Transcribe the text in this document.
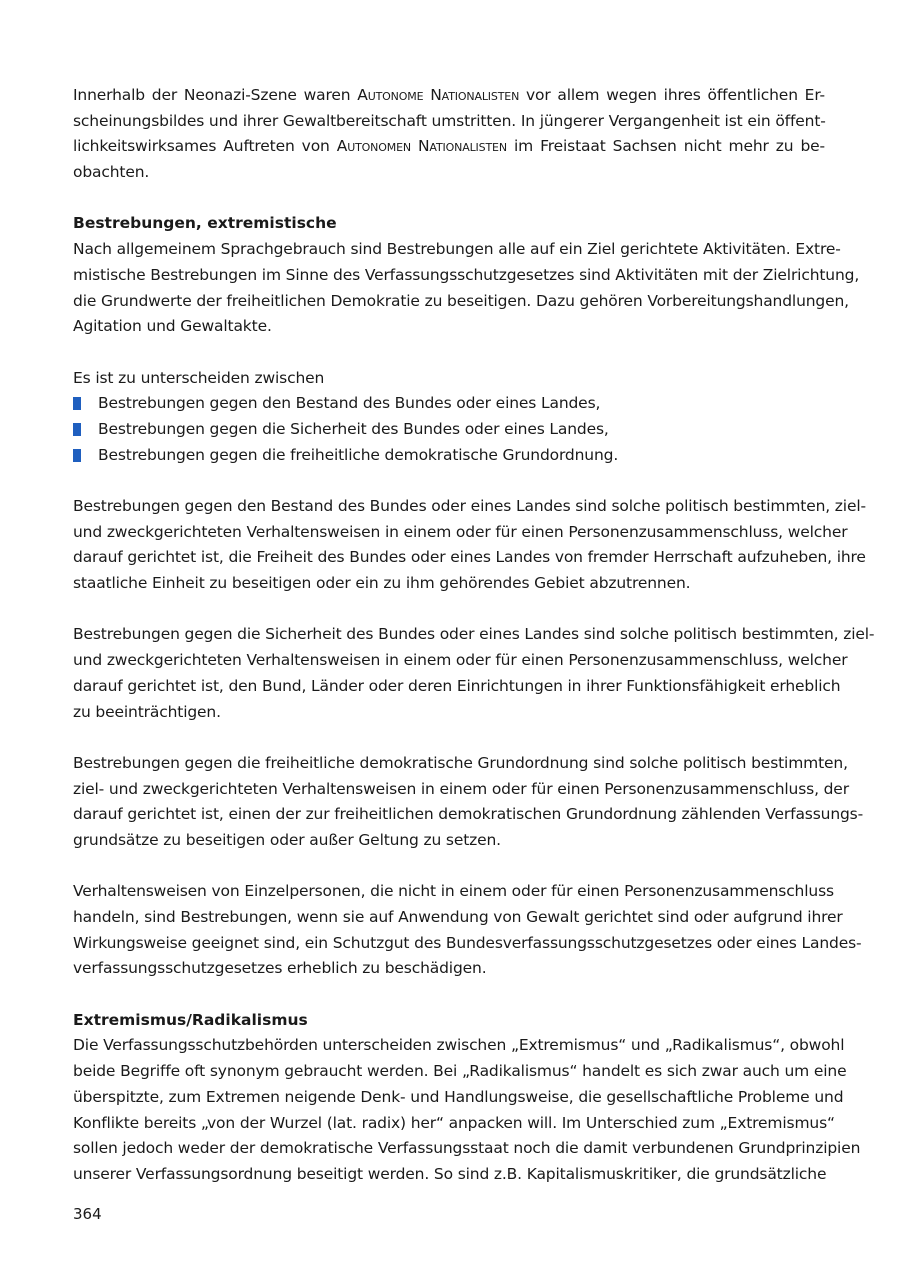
Innerhalb der Neonazi-Szene waren Autonome Nationalisten vor allem wegen ihres öffentlichen Er-
scheinungsbildes und ihrer Gewaltbereitschaft umstritten. In jüngerer Vergangenheit ist ein öffent-
lichkeitswirksames Auftreten von Autonomen Nationalisten im Freistaat Sachsen nicht mehr zu be-
obachten.
Bestrebungen, extremistische
Nach allgemeinem Sprachgebrauch sind Bestrebungen alle auf ein Ziel gerichtete Aktivitäten. Extre-
mistische Bestrebungen im Sinne des Verfassungsschutzgesetzes sind Aktivitäten mit der Zielrichtung,
die Grundwerte der freiheitlichen Demokratie zu beseitigen. Dazu gehören Vorbereitungshandlungen,
Agitation und Gewaltakte.
Es ist zu unterscheiden zwischen
Bestrebungen gegen den Bestand des Bundes oder eines Landes,
Bestrebungen gegen die Sicherheit des Bundes oder eines Landes,
Bestrebungen gegen die freiheitliche demokratische Grundordnung.
Bestrebungen gegen den Bestand des Bundes oder eines Landes sind solche politisch bestimmten, ziel-
und zweckgerichteten Verhaltensweisen in einem oder für einen Personenzusammenschluss, welcher
darauf gerichtet ist, die Freiheit des Bundes oder eines Landes von fremder Herrschaft aufzuheben, ihre
staatliche Einheit zu beseitigen oder ein zu ihm gehörendes Gebiet abzutrennen.
Bestrebungen gegen die Sicherheit des Bundes oder eines Landes sind solche politisch bestimmten, ziel-
und zweckgerichteten Verhaltensweisen in einem oder für einen Personenzusammenschluss, welcher
darauf gerichtet ist, den Bund, Länder oder deren Einrichtungen in ihrer Funktionsfähigkeit erheblich
zu beeinträchtigen.
Bestrebungen gegen die freiheitliche demokratische Grundordnung sind solche politisch bestimmten,
ziel- und zweckgerichteten Verhaltensweisen in einem oder für einen Personenzusammenschluss, der
darauf gerichtet ist, einen der zur freiheitlichen demokratischen Grundordnung zählenden Verfassungs-
grundsätze zu beseitigen oder außer Geltung zu setzen.
Verhaltensweisen von Einzelpersonen, die nicht in einem oder für einen Personenzusammenschluss
handeln, sind Bestrebungen, wenn sie auf Anwendung von Gewalt gerichtet sind oder aufgrund ihrer
Wirkungsweise geeignet sind, ein Schutzgut des Bundesverfassungsschutzgesetzes oder eines Landes-
verfassungsschutzgesetzes erheblich zu beschädigen.
Extremismus/Radikalismus
Die Verfassungsschutzbehörden unterscheiden zwischen „Extremismus“ und „Radikalismus“, obwohl
beide Begriffe oft synonym gebraucht werden. Bei „Radikalismus“ handelt es sich zwar auch um eine
überspitzte, zum Extremen neigende Denk- und Handlungsweise, die gesellschaftliche Probleme und
Konflikte bereits „von der Wurzel (lat. radix) her“ anpacken will. Im Unterschied zum „Extremismus“
sollen jedoch weder der demokratische Verfassungsstaat noch die damit verbundenen Grundprinzipien
unserer Verfassungsordnung beseitigt werden. So sind z.B. Kapitalismuskritiker, die grundsätzliche
364
